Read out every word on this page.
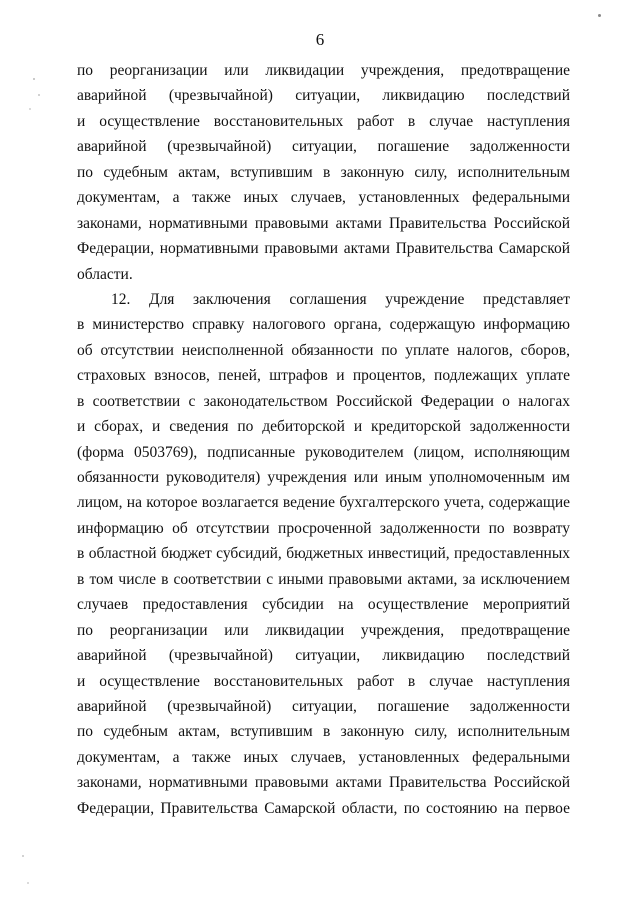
6
по реорганизации или ликвидации учреждения, предотвращение
аварийной (чрезвычайной) ситуации, ликвидацию последствий
и осуществление восстановительных работ в случае наступления
аварийной (чрезвычайной) ситуации, погашение задолженности
по судебным актам, вступившим в законную силу, исполнительным
документам, а также иных случаев, установленных федеральными
законами, нормативными правовыми актами Правительства Российской
Федерации, нормативными правовыми актами Правительства Самарской
области.
12. Для заключения соглашения учреждение представляет
в министерство справку налогового органа, содержащую информацию
об отсутствии неисполненной обязанности по уплате налогов, сборов,
страховых взносов, пеней, штрафов и процентов, подлежащих уплате
в соответствии с законодательством Российской Федерации о налогах
и сборах, и сведения по дебиторской и кредиторской задолженности
(форма 0503769), подписанные руководителем (лицом, исполняющим
обязанности руководителя) учреждения или иным уполномоченным им
лицом, на которое возлагается ведение бухгалтерского учета, содержащие
информацию об отсутствии просроченной задолженности по возврату
в областной бюджет субсидий, бюджетных инвестиций, предоставленных
в том числе в соответствии с иными правовыми актами, за исключением
случаев предоставления субсидии на осуществление мероприятий
по реорганизации или ликвидации учреждения, предотвращение
аварийной (чрезвычайной) ситуации, ликвидацию последствий
и осуществление восстановительных работ в случае наступления
аварийной (чрезвычайной) ситуации, погашение задолженности
по судебным актам, вступившим в законную силу, исполнительным
документам, а также иных случаев, установленных федеральными
законами, нормативными правовыми актами Правительства Российской
Федерации, Правительства Самарской области, по состоянию на первое
